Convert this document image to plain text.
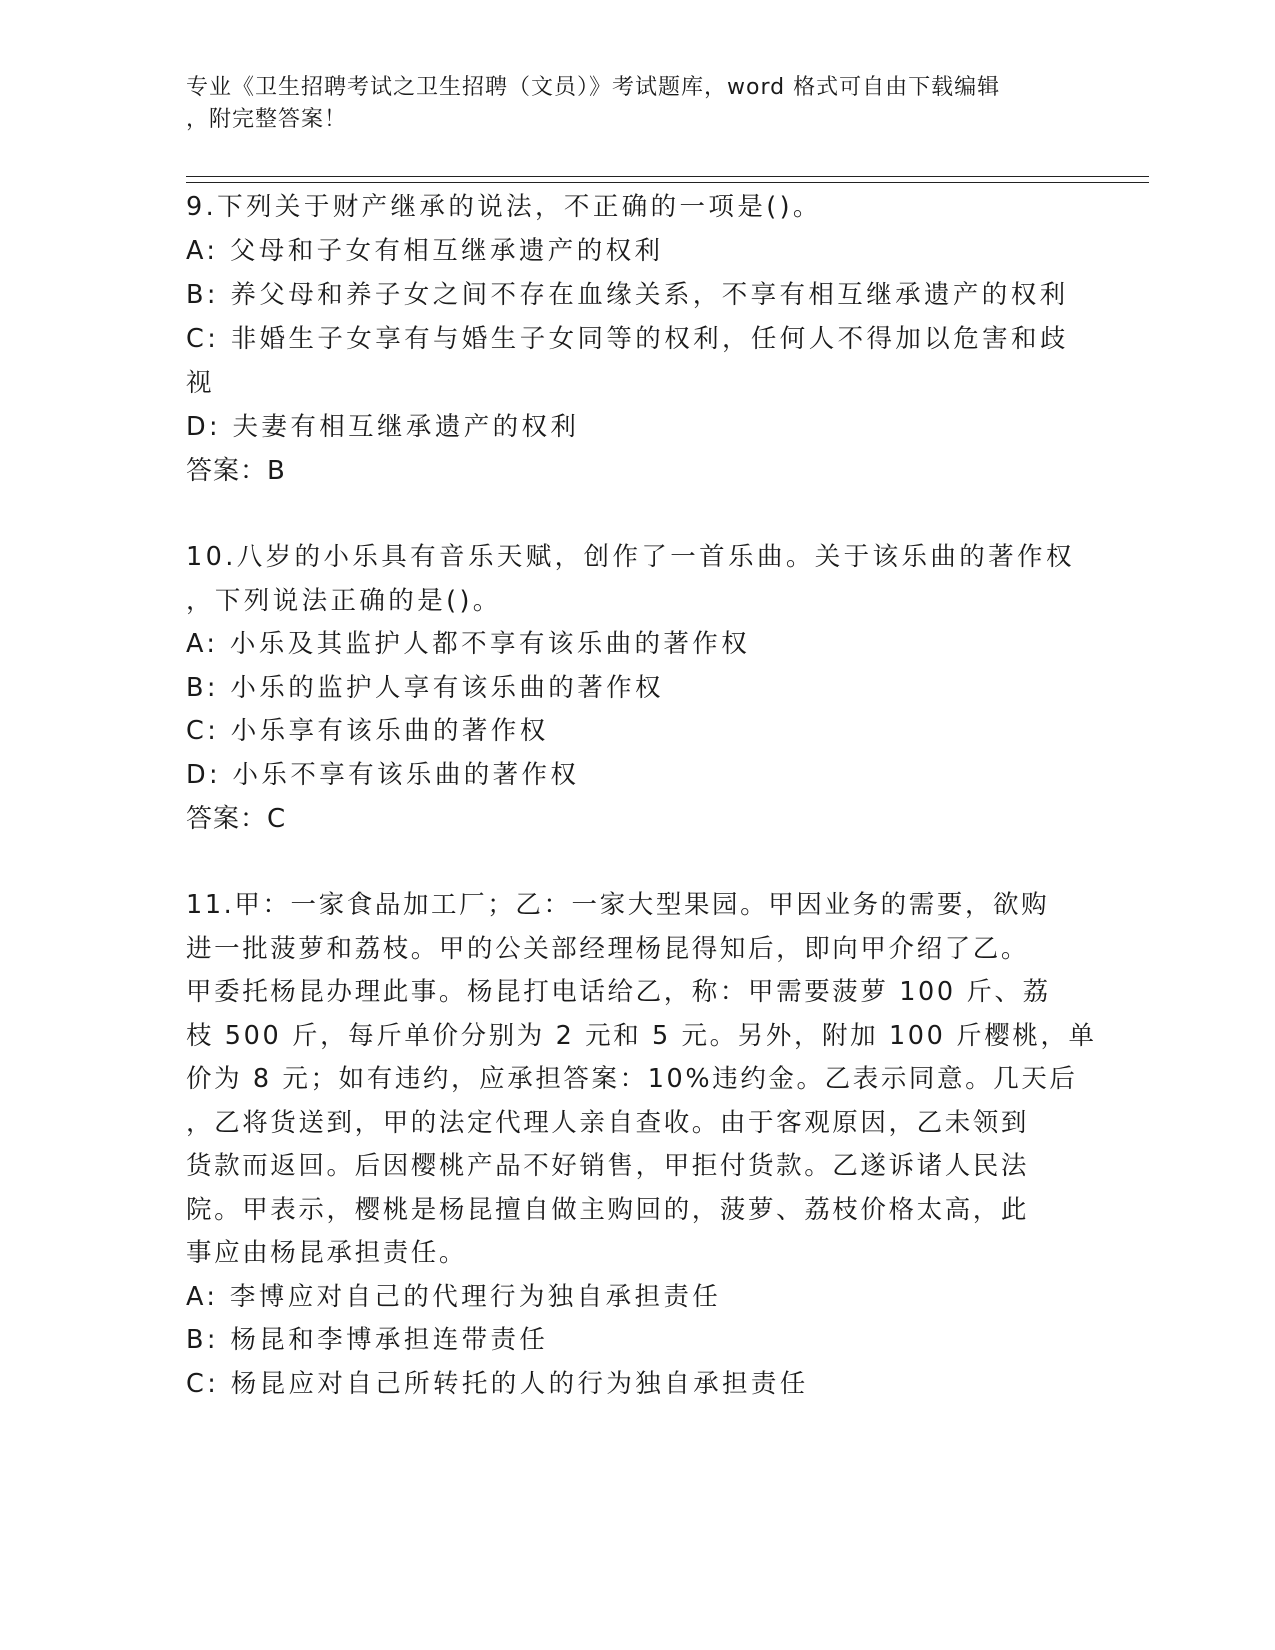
专业《卫生招聘考试之卫生招聘（文员）》考试题库，word 格式可自由下载编辑
，附完整答案！
9.下列关于财产继承的说法，不正确的一项是()。
A: 父母和子女有相互继承遗产的权利
B: 养父母和养子女之间不存在血缘关系，不享有相互继承遗产的权利
C: 非婚生子女享有与婚生子女同等的权利，任何人不得加以危害和歧
视
D: 夫妻有相互继承遗产的权利
答案：B
10.八岁的小乐具有音乐天赋，创作了一首乐曲。关于该乐曲的著作权
，下列说法正确的是()。
A: 小乐及其监护人都不享有该乐曲的著作权
B: 小乐的监护人享有该乐曲的著作权
C: 小乐享有该乐曲的著作权
D: 小乐不享有该乐曲的著作权
答案：C
11.甲：一家食品加工厂；乙：一家大型果园。甲因业务的需要，欲购
进一批菠萝和荔枝。甲的公关部经理杨昆得知后，即向甲介绍了乙。
甲委托杨昆办理此事。杨昆打电话给乙，称：甲需要菠萝 100 斤、荔
枝 500 斤，每斤单价分别为 2 元和 5 元。另外，附加 100 斤樱桃，单
价为 8 元；如有违约，应承担答案：10%违约金。乙表示同意。几天后
，乙将货送到，甲的法定代理人亲自查收。由于客观原因，乙未领到
货款而返回。后因樱桃产品不好销售，甲拒付货款。乙遂诉诸人民法
院。甲表示，樱桃是杨昆擅自做主购回的，菠萝、荔枝价格太高，此
事应由杨昆承担责任。
A: 李博应对自己的代理行为独自承担责任
B: 杨昆和李博承担连带责任
C: 杨昆应对自己所转托的人的行为独自承担责任
